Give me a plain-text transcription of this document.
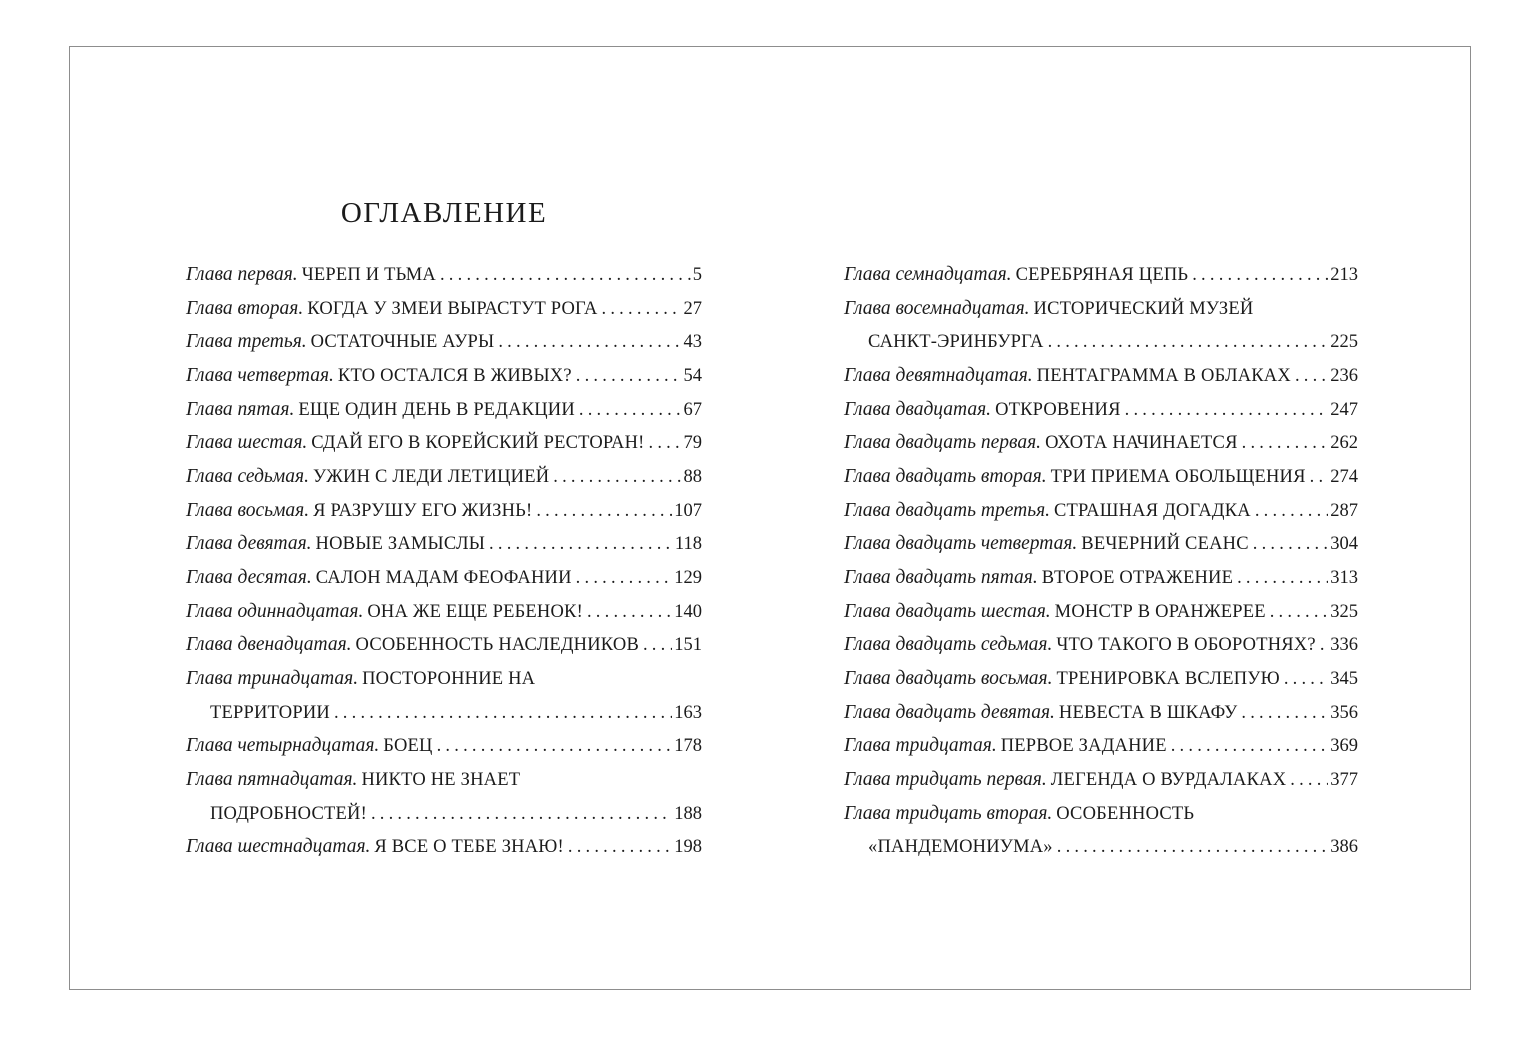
ОГЛАВЛЕНИЕ
Глава первая. ЧЕРЕП И ТЬМА .....	5
Глава вторая. КОГДА У ЗМЕИ ВЫРАСТУТ РОГА .....	27
Глава третья. ОСТАТОЧНЫЕ АУРЫ .....	43
Глава четвертая. КТО ОСТАЛСЯ В ЖИВЫХ? .....	54
Глава пятая. ЕЩЕ ОДИН ДЕНЬ В РЕДАКЦИИ .....	67
Глава шестая. СДАЙ ЕГО В КОРЕЙСКИЙ РЕСТОРАН! ..... 79
Глава седьмая. УЖИН С ЛЕДИ ЛЕТИЦИЕЙ .....	88
Глава восьмая. Я РАЗРУШУ ЕГО ЖИЗНЬ! .....	107
Глава девятая. НОВЫЕ ЗАМЫСЛЫ .....	118
Глава десятая. САЛОН МАДАМ ФЕОФАНИИ .....	129
Глава одиннадцатая. ОНА ЖЕ ЕЩЕ РЕБЕНОК! .....	140
Глава двенадцатая. ОСОБЕННОСТЬ НАСЛЕДНИКОВ ..... 151
Глава тринадцатая. ПОСТОРОННИЕ НА
ТЕРРИТОРИИ .....	163
Глава четырнадцатая. БОЕЦ .....	178
Глава пятнадцатая. НИКТО НЕ ЗНАЕТ
ПОДРОБНОСТЕЙ! .....	188
Глава шестнадцатая. Я ВСЕ О ТЕБЕ ЗНАЮ! .....	198
Глава семнадцатая. СЕРЕБРЯНАЯ ЦЕПЬ .....	213
Глава восемнадцатая. ИСТОРИЧЕСКИЙ МУЗЕЙ
САНКТ-ЭРИНБУРГА .....	225
Глава девятнадцатая. ПЕНТАГРАММА В ОБЛАКАХ ..... 236
Глава двадцатая. ОТКРОВЕНИЯ .....	247
Глава двадцать первая. ОХОТА НАЧИНАЕТСЯ .....	262
Глава двадцать вторая. ТРИ ПРИЕМА ОБОЛЬЩЕНИЯ ..... 274
Глава двадцать третья. СТРАШНАЯ ДОГАДКА .....	287
Глава двадцать четвертая. ВЕЧЕРНИЙ СЕАНС .....	304
Глава двадцать пятая. ВТОРОЕ ОТРАЖЕНИЕ .....	313
Глава двадцать шестая. МОНСТР В ОРАНЖЕРЕЕ .....	325
Глава двадцать седьмая. ЧТО ТАКОГО В ОБОРОТНЯХ? ..... 336
Глава двадцать восьмая. ТРЕНИРОВКА ВСЛЕПУЮ .....	345
Глава двадцать девятая. НЕВЕСТА В ШКАФУ .....	356
Глава тридцатая. ПЕРВОЕ ЗАДАНИЕ .....	369
Глава тридцать первая. ЛЕГЕНДА О ВУРДАЛАКАХ ..... 377
Глава тридцать вторая. ОСОБЕННОСТЬ
«ПАНДЕМОНИУМА» .....	386
